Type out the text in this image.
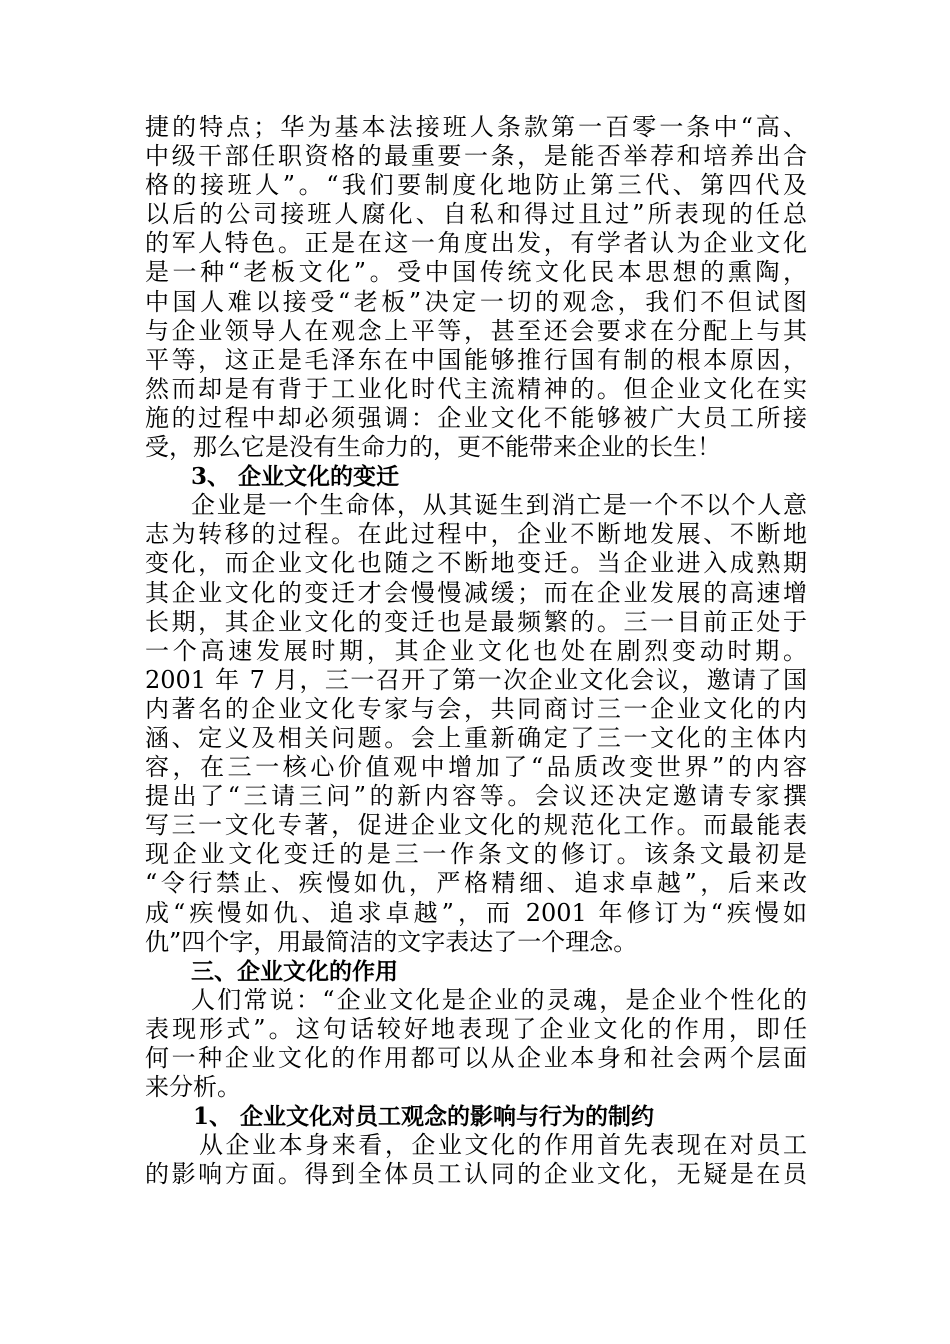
捷的特点；华为基本法接班人条款第一百零一条中“高、
中级干部任职资格的最重要一条，是能否举荐和培养出合
格的接班人”。“我们要制度化地防止第三代、第四代及
以后的公司接班人腐化、自私和得过且过”所表现的任总
的军人特色。正是在这一角度出发，有学者认为企业文化
是一种“老板文化”。受中国传统文化民本思想的熏陶，
中国人难以接受“老板”决定一切的观念，我们不但试图
与企业领导人在观念上平等，甚至还会要求在分配上与其
平等，这正是毛泽东在中国能够推行国有制的根本原因，
然而却是有背于工业化时代主流精神的。但企业文化在实
施的过程中却必须强调：企业文化不能够被广大员工所接
受，那么它是没有生命力的，更不能带来企业的长生！
3、 企业文化的变迁
企业是一个生命体，从其诞生到消亡是一个不以个人意
志为转移的过程。在此过程中，企业不断地发展、不断地
变化，而企业文化也随之不断地变迁。当企业进入成熟期
其企业文化的变迁才会慢慢减缓；而在企业发展的高速增
长期，其企业文化的变迁也是最频繁的。三一目前正处于
一个高速发展时期，其企业文化也处在剧烈变动时期。
2001 年 7 月，三一召开了第一次企业文化会议，邀请了国
内著名的企业文化专家与会，共同商讨三一企业文化的内
涵、定义及相关问题。会上重新确定了三一文化的主体内
容，在三一核心价值观中增加了“品质改变世界”的内容
提出了“三请三问”的新内容等。会议还决定邀请专家撰
写三一文化专著，促进企业文化的规范化工作。而最能表
现企业文化变迁的是三一作条文的修订。该条文最初是
“令行禁止、疾慢如仇，严格精细、追求卓越”，后来改
成“疾慢如仇、追求卓越”，而 2001 年修订为“疾慢如
仇”四个字，用最简洁的文字表达了一个理念。
三、企业文化的作用
人们常说：“企业文化是企业的灵魂，是企业个性化的
表现形式”。这句话较好地表现了企业文化的作用，即任
何一种企业文化的作用都可以从企业本身和社会两个层面
来分析。
1、 企业文化对员工观念的影响与行为的制约
从企业本身来看，企业文化的作用首先表现在对员工
的影响方面。得到全体员工认同的企业文化，无疑是在员
